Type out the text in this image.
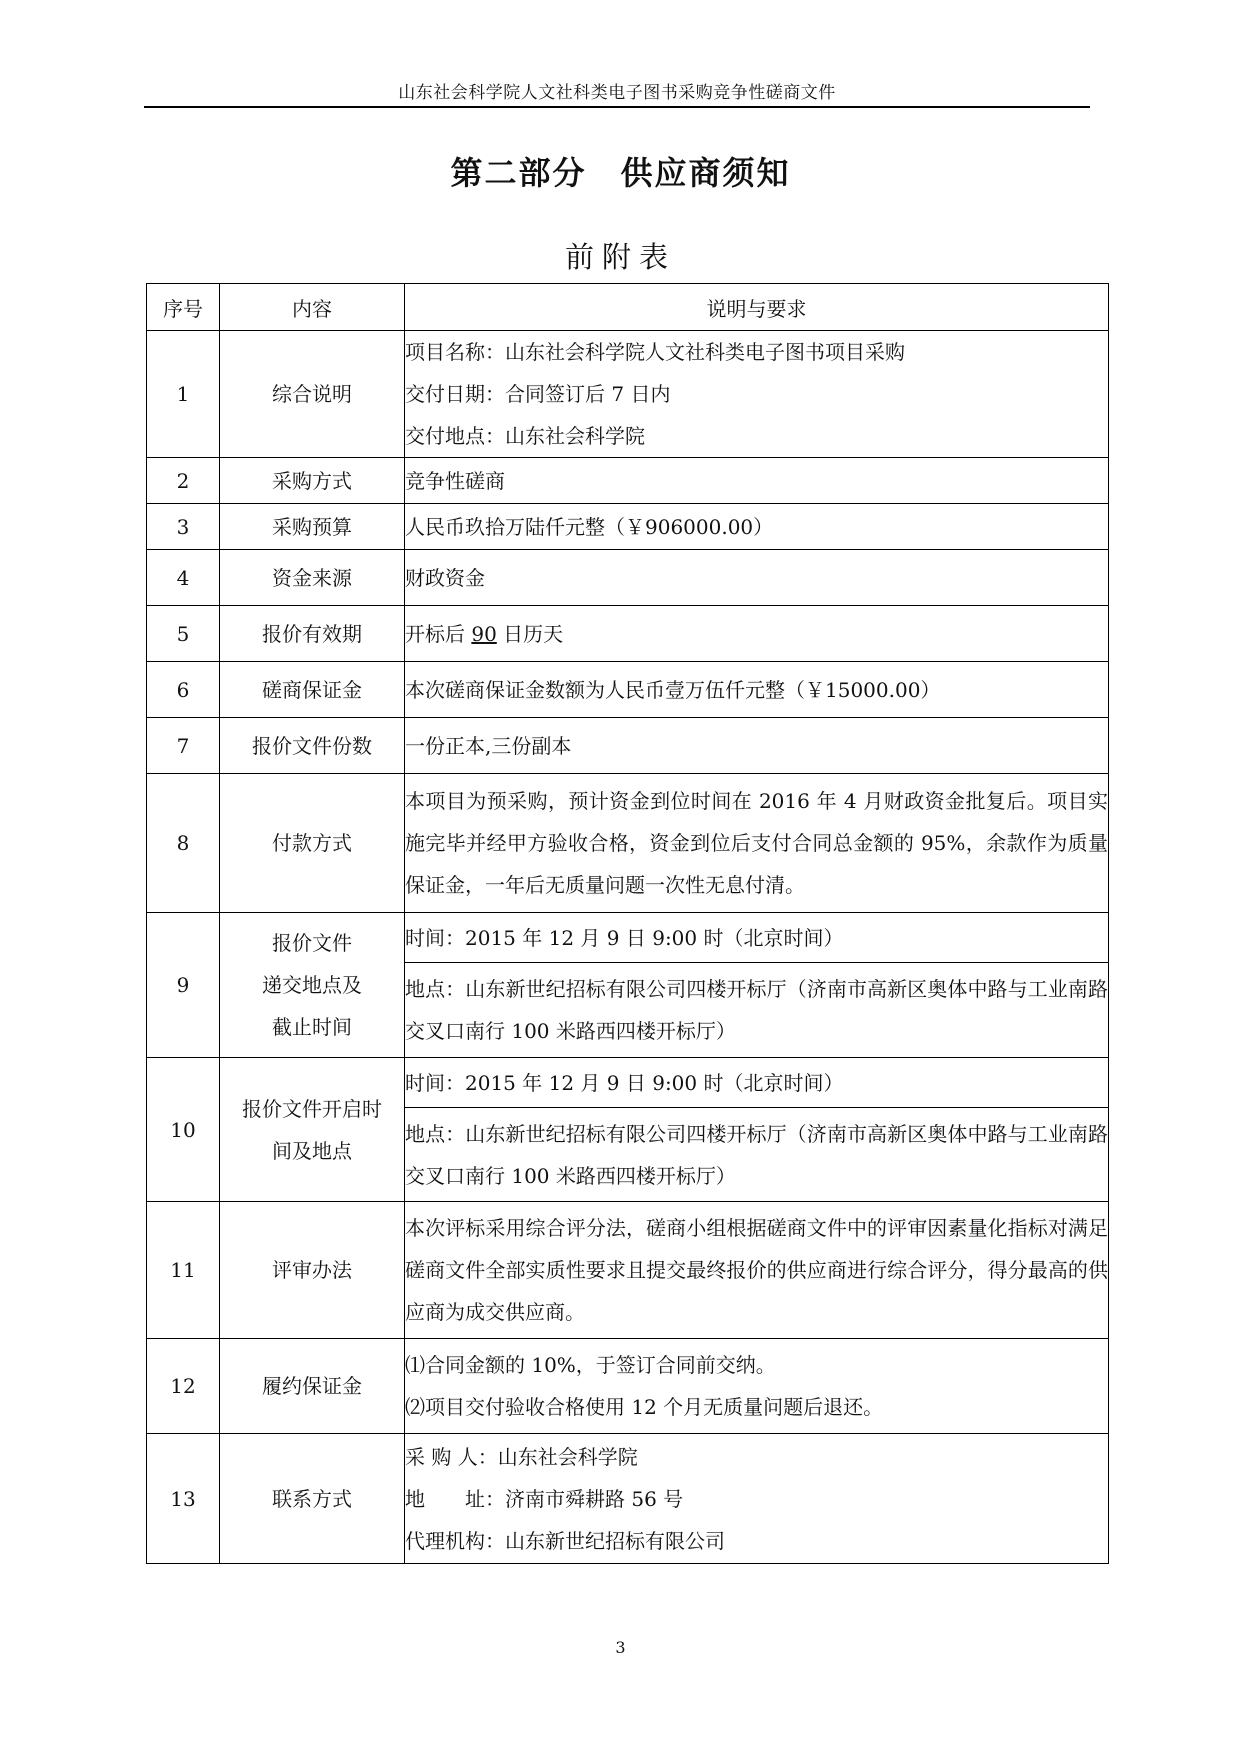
山东社会科学院人文社科类电子图书采购竞争性磋商文件
第二部分　供应商须知
前附表
序号	内容	说明与要求
1	综合说明	项目名称：山东社会科学院人文社科类电子图书项目采购
交付日期：合同签订后 7 日内
交付地点：山东社会科学院

2	采购方式	竞争性磋商
3	采购预算	人民币玖拾万陆仟元整（￥906000.00）
4	资金来源	财政资金
5	报价有效期	开标后 90 日历天
6	磋商保证金	本次磋商保证金数额为人民币壹万伍仟元整（￥15000.00）
7	报价文件份数	一份正本,三份副本
8	付款方式	本项目为预采购，预计资金到位时间在 2016 年 4 月财政资金批复后。项目实施完毕并经甲方验收合格，资金到位后支付合同总金额的 95%，余款作为质量保证金，一年后无质量问题一次性无息付清。

9	报价文件
递交地点及
截止时间	时间：2015 年 12 月 9 日 9:00 时（北京时间）

		地点：山东新世纪招标有限公司四楼开标厅（济南市高新区奥体中路与工业南路交叉口南行 100 米路西四楼开标厅）

10	报价文件开启时
间及地点	时间：2015 年 12 月 9 日 9:00 时（北京时间）

		地点：山东新世纪招标有限公司四楼开标厅（济南市高新区奥体中路与工业南路交叉口南行 100 米路西四楼开标厅）

11	评审办法	本次评标采用综合评分法，磋商小组根据磋商文件中的评审因素量化指标对满足磋商文件全部实质性要求且提交最终报价的供应商进行综合评分，得分最高的供应商为成交供应商。

12	履约保证金	⑴合同金额的 10%，于签订合同前交纳。
⑵项目交付验收合格使用 12 个月无质量问题后退还。

13	联系方式	采 购 人：山东社会科学院
地　　址：济南市舜耕路 56 号
代理机构：山东新世纪招标有限公司
3
